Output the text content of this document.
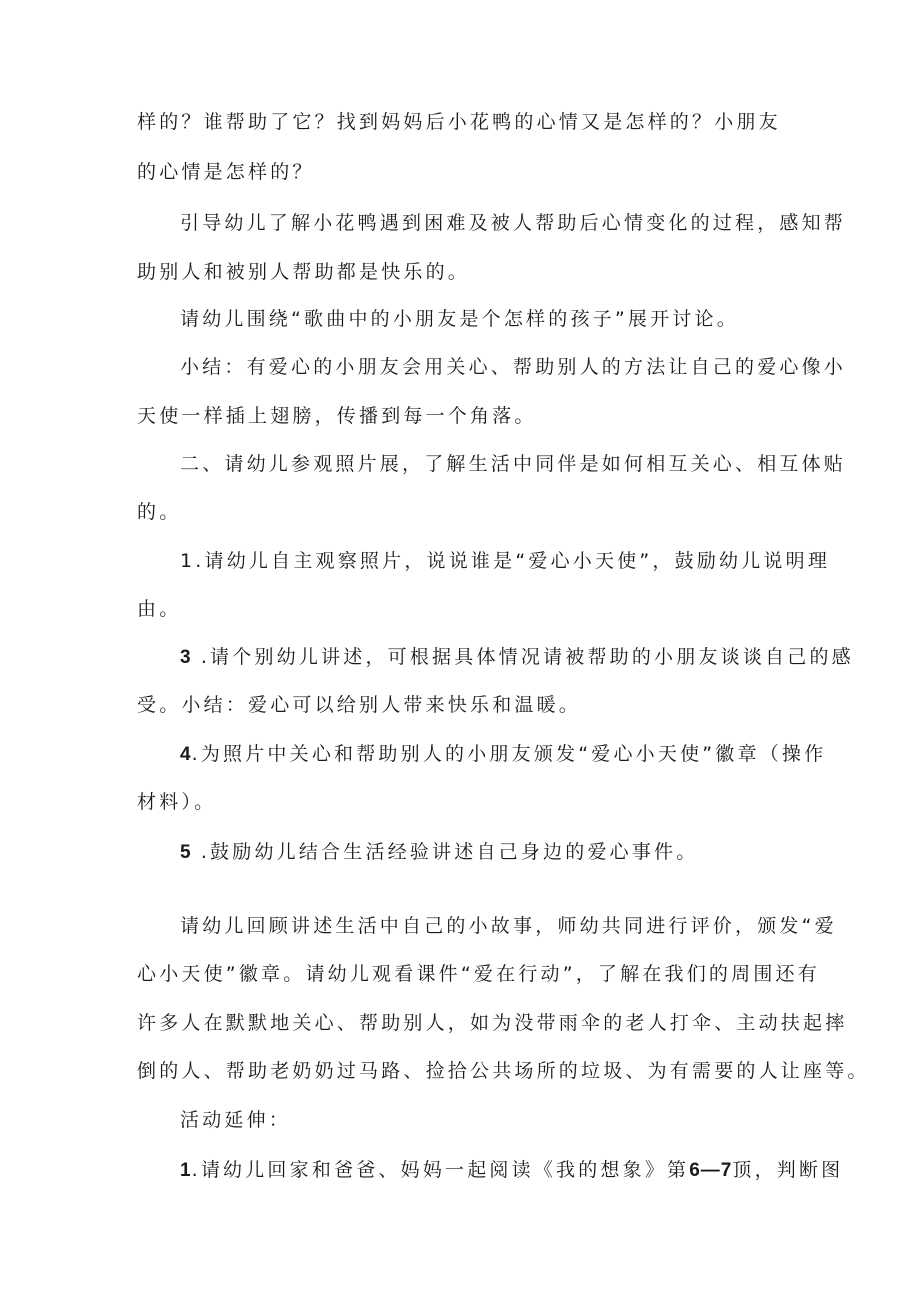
样的？谁帮助了它？找到妈妈后小花鸭的心情又是怎样的？小朋友

的心情是怎样的？

引导幼儿了解小花鸭遇到困难及被人帮助后心情变化的过程，感知帮

助别人和被别人帮助都是快乐的。

请幼儿围绕“歌曲中的小朋友是个怎样的孩子”展开讨论。

小结：有爱心的小朋友会用关心、帮助别人的方法让自己的爱心像小

天使一样插上翅膀，传播到每一个角落。

二、请幼儿参观照片展，了解生活中同伴是如何相互关心、相互体贴

的。

1.请幼儿自主观察照片，说说谁是“爱心小天使”，鼓励幼儿说明理

由。

3 .请个别幼儿讲述，可根据具体情况请被帮助的小朋友谈谈自己的感

受。小结：爱心可以给别人带来快乐和温暖。

4.为照片中关心和帮助别人的小朋友颁发“爱心小天使”徽章（操作

材料）。

5 .鼓励幼儿结合生活经验讲述自己身边的爱心事件。

请幼儿回顾讲述生活中自己的小故事，师幼共同进行评价，颁发“爱

心小天使”徽章。请幼儿观看课件“爱在行动”，了解在我们的周围还有

许多人在默默地关心、帮助别人，如为没带雨伞的老人打伞、主动扶起摔

倒的人、帮助老奶奶过马路、捡拾公共场所的垃圾、为有需要的人让座等。

活动延伸：

1.请幼儿回家和爸爸、妈妈一起阅读《我的想象》第6—7顶，判断图
